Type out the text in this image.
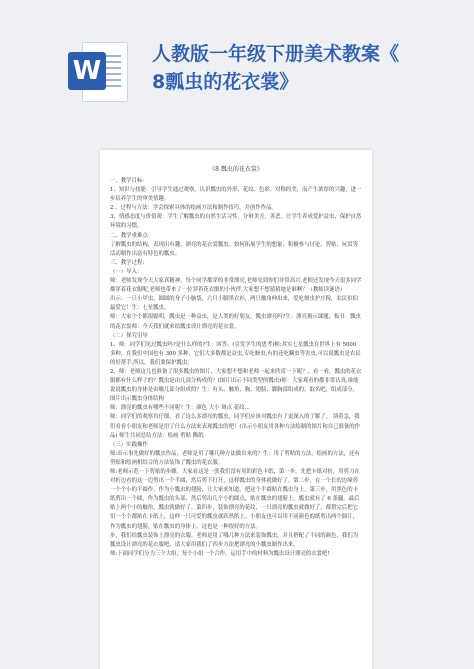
W
人教版一年级下册美术教案《
8瓢虫的花衣裳》
《8 瓢虫的花衣裳》

一、教学目标：

1、知识与技能：引导学生通过观察，认识瓢虫的外形、花纹、色彩、对称的美，而产生浓厚的兴趣，进一步培养学生的审美情趣。

2 、过程与方法：学会探索具体的绘画方法和制作技巧，并创作作品。

3、情感态度与价值观：学生了解瓢虫的自然生活习性，分辩美丑，善恶，让学生养成爱护益虫，保护自然环境的习惯。

二、教学重难点：

了解瓢虫的结构，表现出有趣、漂亮的花衣裳瓢虫。如何拓展学生的想象，积极参与讨论、剪贴、玩赏等活动制作出富有特色的瓢虫。

三、教学过程：

（一）导入：

师：老师发现今天大家真精神，每个同学都穿的非常漂亮,老师见到你们非常高兴.老师还发现今天很多同学都穿着花衣服呢,老师也带来了一位穿着花衣服的小伙伴,大家想不想猜猜她是谁啊？（教师读谜语）

出示：一只小甲虫，圆圆的身子小脑袋，六只小脚黑衣衫，两只触角伸出来，爱吃蚜虫护庄稼，农民伯伯最爱它！生：七星瓢虫。

师：大家个个都很聪明，瓢虫是一种益虫，是人类的好朋友。瓢虫漂亮吗?生：漂亮揭示课题，板书：瓢虫的花衣裳师：今天我们就来给瓢虫设计漂亮的花衣裳。

（二）探究引导

1、师：同学们见过瓢虫吗?是什么样的?生：回答。(引发学生的思考)师:其实七星瓢虫在世界上有 5000 多种，在我们中国也有 300 多种，它们大多数都是益虫,专吃蚜虫,有的还吃螨虫等害虫,可以说瓢虫是农民的好帮手,所以，我们要保护瓢虫。

2、师：老师这儿也准备了很多瓢虫的图片，大家想不想和老师一起来欣赏一下呢？，看一看，瓢虫的花衣服都有什么样子的？瓢虫是由几部分构成的？(图片出示不同类型的瓢虫)师：大家观看的都非常认真,谁能说说瓢虫的身体是由哪几部分组成的？生：有头、触角、胸、翅膀、脚胸部组成的，取名吧，组成部分，图片出示瓢虫身体结构

师：漂亮的瓢虫有哪些不同呢？生：颜色 大小 斑点 花纹…

师：同学们的观察真仔细，看了这么多漂亮的瓢虫，同学们应该对瓢虫有了更深入的了解了。 别着急，我们看看小朋友和老师是用了什么方法来表现瓢虫的吧！(出示小朋友用各种方法绘制的图片和自己准备的作品) 师生共同总结方法：绘画 剪贴 撕纸

（三）实践操作

师:出示事先做好的瓢虫作品，老师是用了哪几种方法做出来的？生：用了剪贴的方法，绘画的方法，还有剪贴和绘画相结合的方法装饰了瓢虫的花衣服。

师:老师示范一下剪贴的步骤。大家看这是一张我们没有用的彩色卡纸，第一步，先把卡纸对折，用剪刀在对折边看的这一边剪出一个半圆，然后剪下打开，这样瓢虫的身体就做好了。第二步，在一个长的边缘剪一个个小的半圆作，作为小瓢虫的翅膀，让大家来知道。把这个半圆贴在瓢虫身上，第三步，用黑色的卡纸剪出一个圆，作为瓢虫的头部，然后剪出几个小的圆点，贴在瓢虫的翅膀上，瓢虫就有了 6 条腿。最后贴上两个小的触角，瓢虫就做好了。第四步，装饰漂亮的花纹，一只漂亮的瓢虫就做好了。都帮完后把它们一个个都贴在卡纸上，这样一只可爱的瓢虫就跃然纸上。小朋友也可以用不同颜色的纸剪出两个圆片，作为瓢虫的翅膀，贴在瓢虫的身体上，这也是一种很好的方法。

步，我们给瓢虫装饰上漂亮的衣服。老师是用了哪几种方法来装饰瓢虫，并且搭配了不同的颜色，我们为瓢虫设计漂亮的花衣服吧，请大家用我们了四步方法把漂亮的小瓢虫制作出来。

师:下面同学们分为三个大组，每个小组一个合作，运用手中的材料为瓢虫设计漂亮的衣裳吧!
